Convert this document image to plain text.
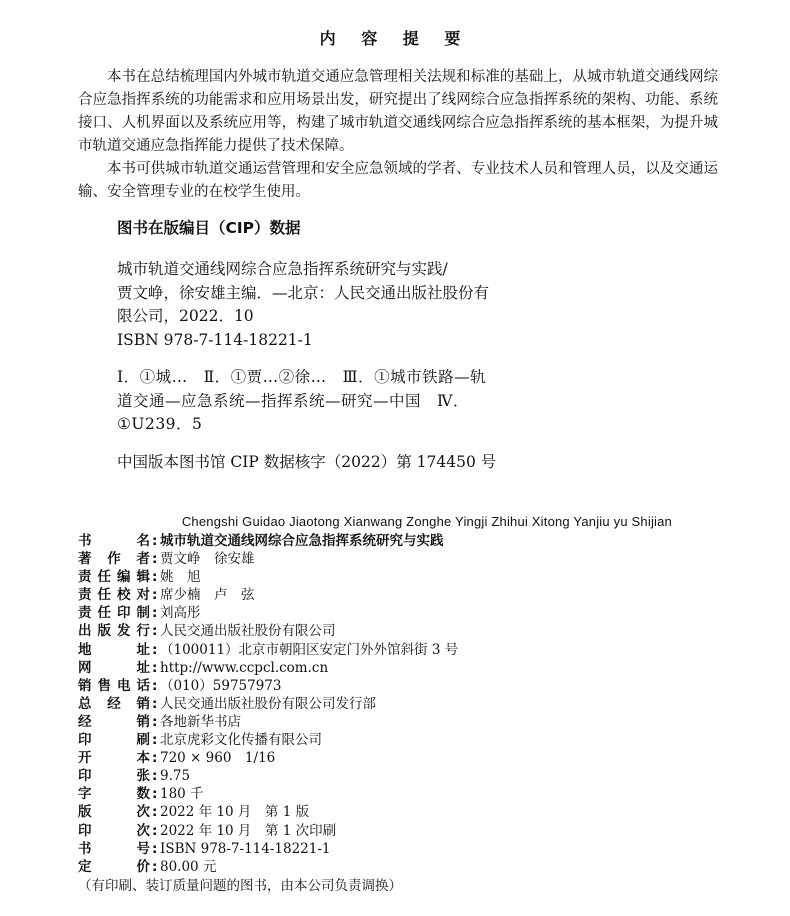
内 容 提 要

本书在总结梳理国内外城市轨道交通应急管理相关法规和标准的基础上，从城市轨道交通线网综合应急指挥系统的功能需求和应用场景出发，研究提出了线网综合应急指挥系统的架构、功能、系统接口、人机界面以及系统应用等，构建了城市轨道交通线网综合应急指挥系统的基本框架，为提升城市轨道交通应急指挥能力提供了技术保障。

本书可供城市轨道交通运营管理和安全应急领域的学者、专业技术人员和管理人员，以及交通运输、安全管理专业的在校学生使用。

图书在版编目（CIP）数据
城市轨道交通线网综合应急指挥系统研究与实践/
贾文峥，徐安雄主编．—北京：人民交通出版社股份有
限公司，2022．10
ISBN 978-7-114-18221-1
Ⅰ．①城…　Ⅱ．①贾…②徐…　Ⅲ．①城市铁路—轨
道交通—应急系统—指挥系统—研究—中国　Ⅳ．
①U239．5
中国版本图书馆 CIP 数据核字（2022）第 174450 号
Chengshi Guidao Jiaotong Xianwang Zonghe Yingji Zhihui Xitong Yanjiu yu Shijian
书　　名 : 城市轨道交通线网综合应急指挥系统研究与实践
著 作 者 : 贾文峥　徐安雄
责任编辑 : 姚　旭
责任校对 : 席少楠　卢　弦
责任印制 : 刘高彤
出版发行 : 人民交通出版社股份有限公司
地　　址 : （100011）北京市朝阳区安定门外外馆斜街 3 号
网　　址 : http://www.ccpcl.com.cn
销售电话 : （010）59757973
总 经 销 : 人民交通出版社股份有限公司发行部
经　　销 : 各地新华书店
印　　刷 : 北京虎彩文化传播有限公司
开　　本 : 720 × 960　1/16
印　　张 : 9.75
字　　数 : 180 千
版　　次 : 2022 年 10 月　第 1 版
印　　次 : 2022 年 10 月　第 1 次印刷
书　　号 : ISBN 978-7-114-18221-1
定　　价 : 80.00 元
（有印刷、装订质量问题的图书，由本公司负责调换）
